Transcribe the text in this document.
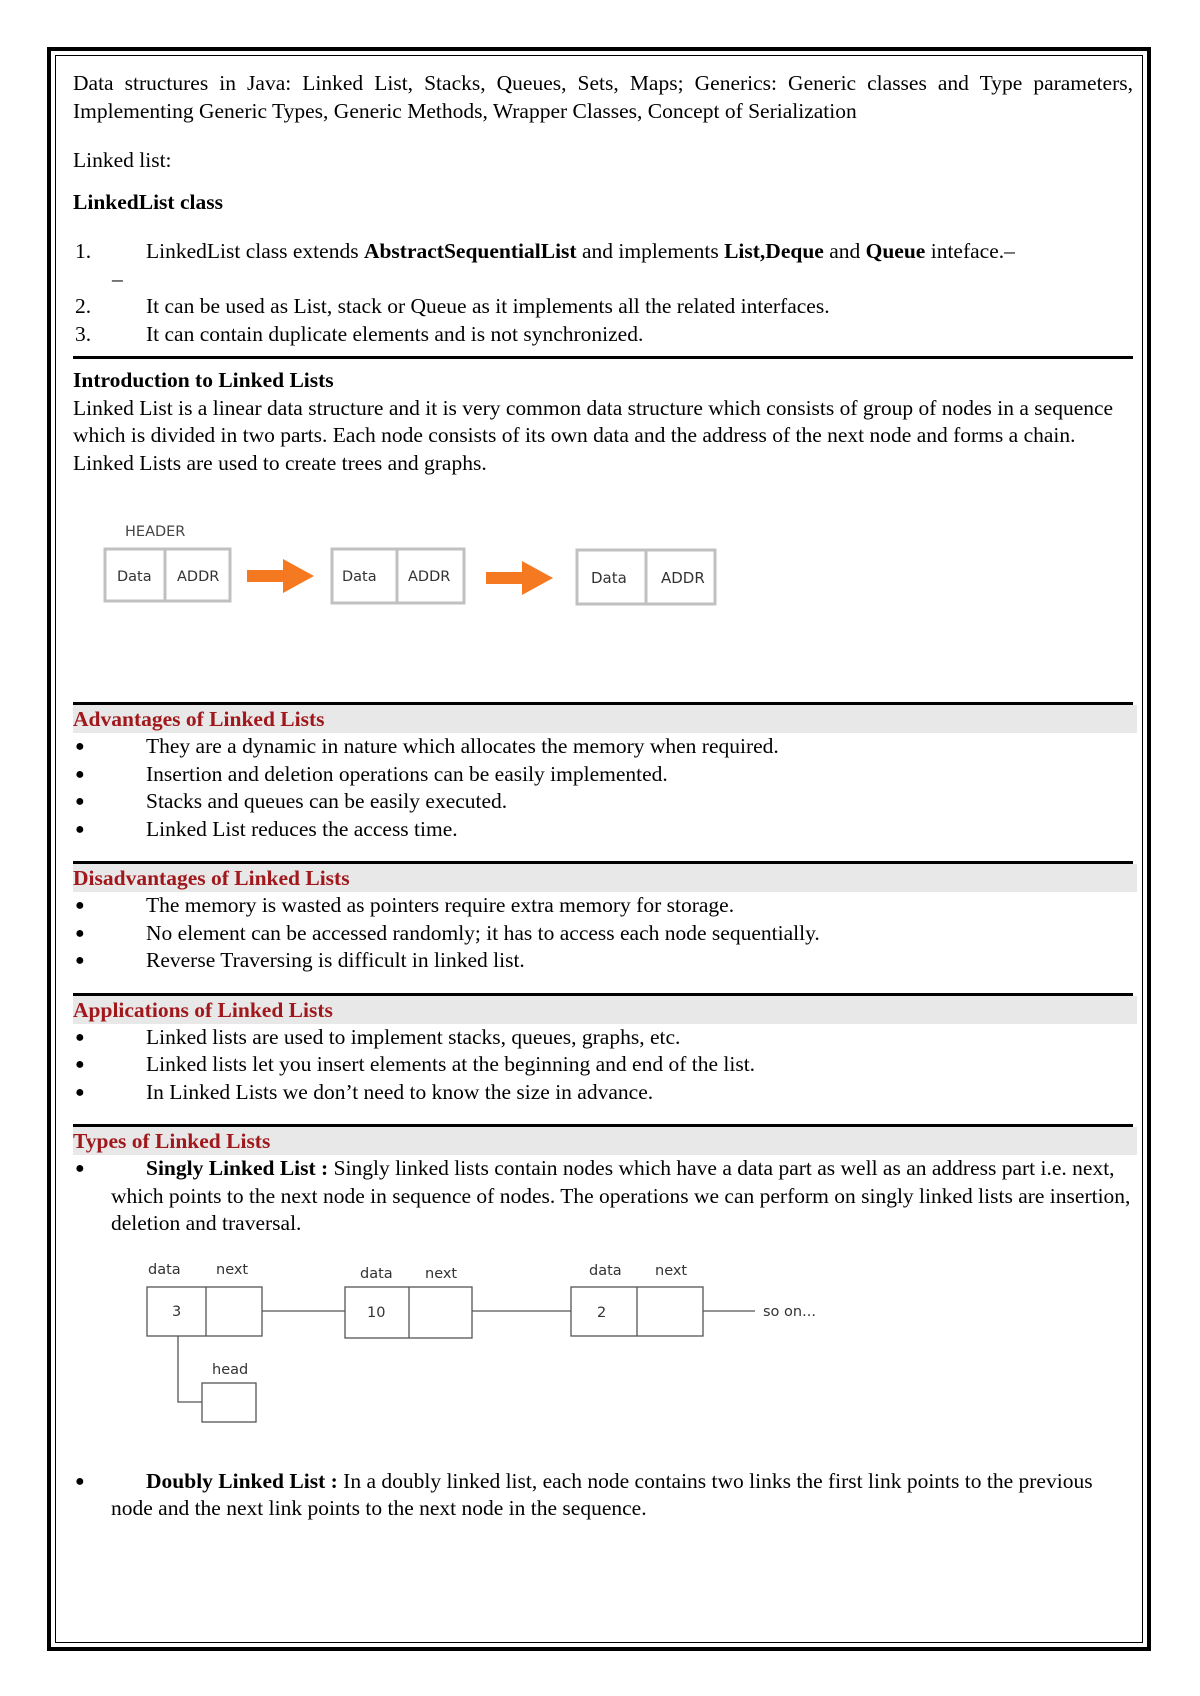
Data structures in Java: Linked List, Stacks, Queues, Sets, Maps; Generics: Generic classes and Type parameters, Implementing Generic Types, Generic Methods, Wrapper Classes, Concept of Serialization

Linked list:

LinkedList class

1.	LinkedList class extends AbstractSequentialList and implements List,Deque and Queue inteface.–
–
2.	It can be used as List, stack or Queue as it implements all the related interfaces.
3.	It can contain duplicate elements and is not synchronized.

Introduction to Linked Lists

Linked List is a linear data structure and it is very common data structure which consists of group of nodes in a sequence which is divided in two parts. Each node consists of its own data and the address of the next node and forms a chain. Linked Lists are used to create trees and graphs.

HEADER
Data ADDR	Data ADDR	Data ADDR
Advantages of Linked Lists
●	They are a dynamic in nature which allocates the memory when required.
●	Insertion and deletion operations can be easily implemented.
●	Stacks and queues can be easily executed.
●	Linked List reduces the access time.
Disadvantages of Linked Lists
●	The memory is wasted as pointers require extra memory for storage.
●	No element can be accessed randomly; it has to access each node sequentially.
●	Reverse Traversing is difficult in linked list.
Applications of Linked Lists
●	Linked lists are used to implement stacks, queues, graphs, etc.
●	Linked lists let you insert elements at the beginning and end of the list.
●	In Linked Lists we don’t need to know the size in advance.
Types of Linked Lists
●	Singly Linked List : Singly linked lists contain nodes which have a data part as well as an address part i.e. next, which points to the next node in sequence of nodes. The operations we can perform on singly linked lists are insertion, deletion and traversal.
data next	data next	data next
3	10	2	so on...
head
●	Doubly Linked List : In a doubly linked list, each node contains two links the first link points to the previous node and the next link points to the next node in the sequence.
